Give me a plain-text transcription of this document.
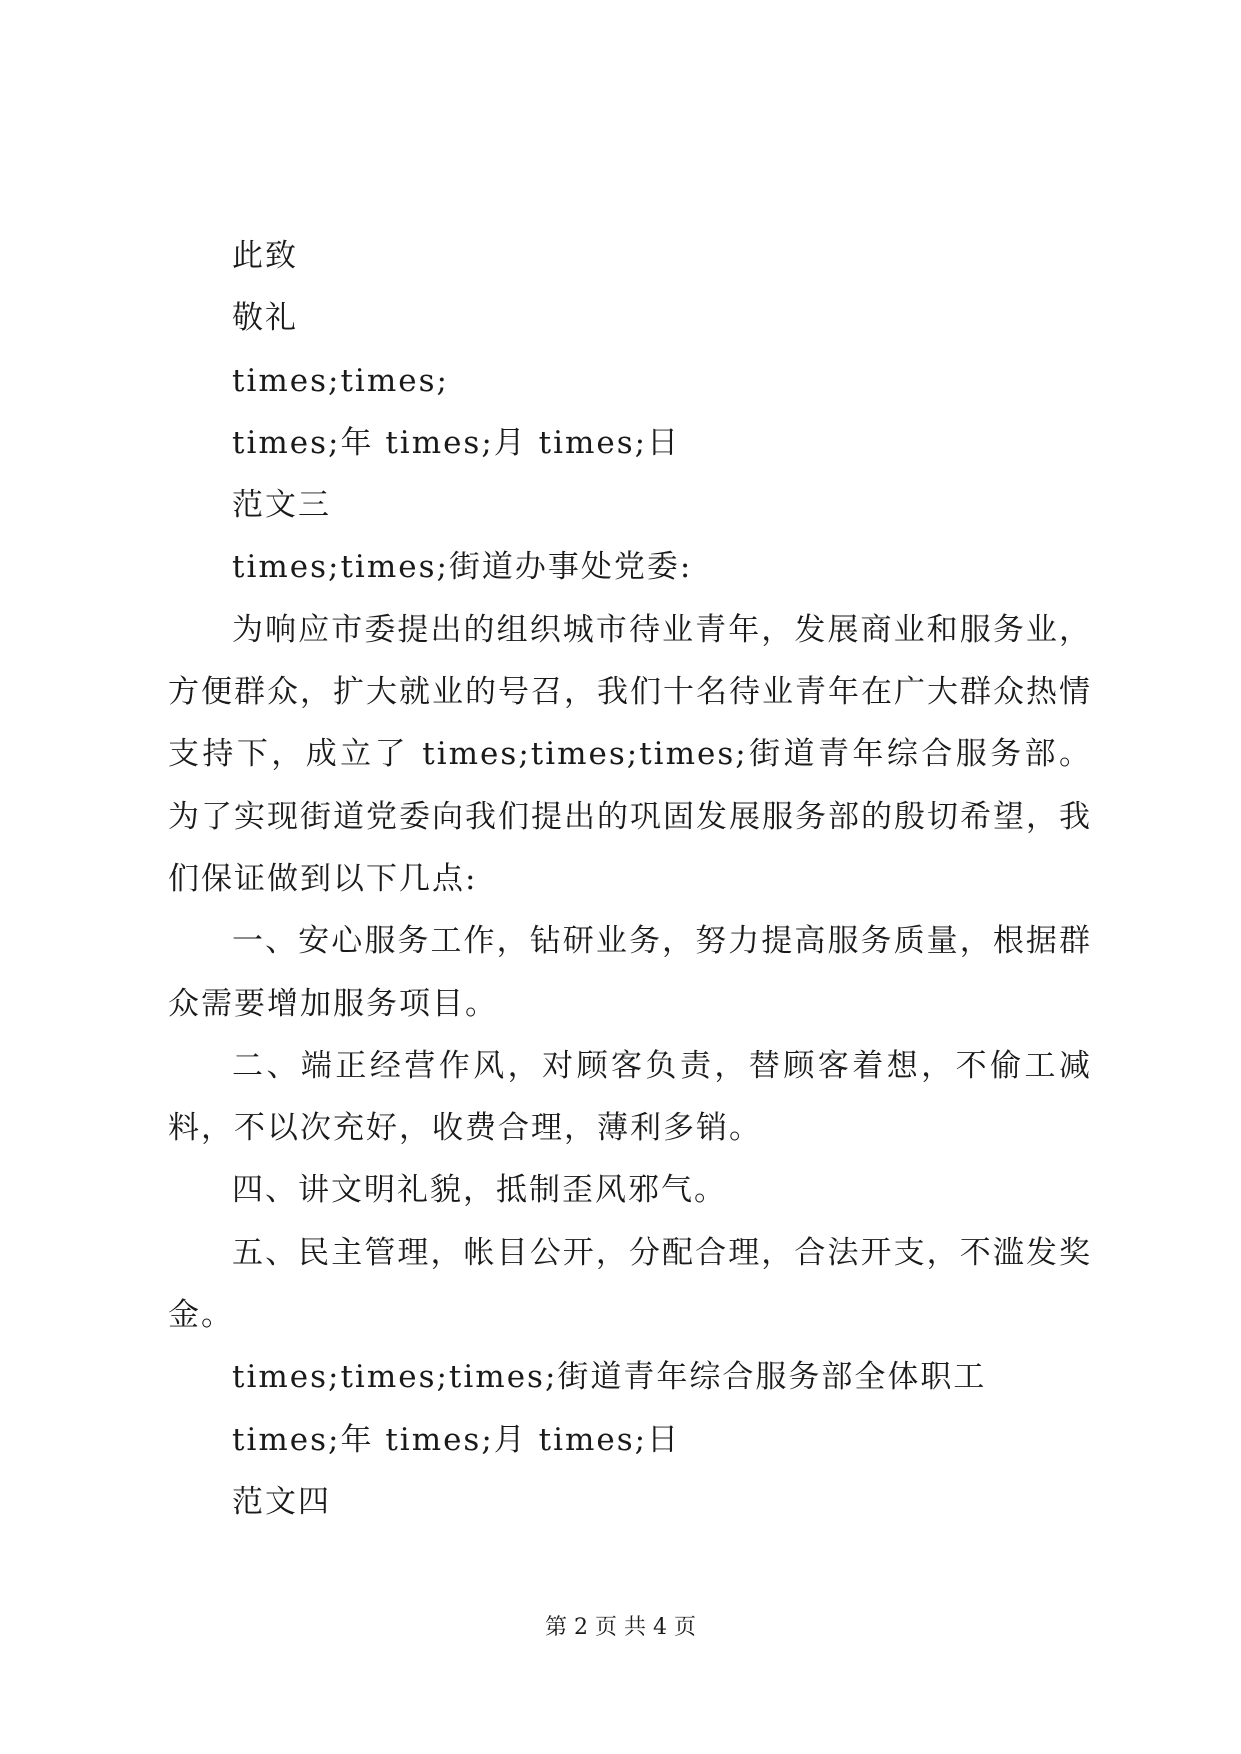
此致

敬礼

times;times;

times;年 times;月 times;日

范文三

times;times;街道办事处党委:

为响应市委提出的组织城市待业青年，发展商业和服务业，方便群众，扩大就业的号召，我们十名待业青年在广大群众热情支持下，成立了 times;times;times;街道青年综合服务部。为了实现街道党委向我们提出的巩固发展服务部的殷切希望，我们保证做到以下几点:

一、安心服务工作，钻研业务，努力提高服务质量，根据群众需要增加服务项目。

二、端正经营作风，对顾客负责，替顾客着想，不偷工减料，不以次充好，收费合理，薄利多销。

四、讲文明礼貌，抵制歪风邪气。

五、民主管理，帐目公开，分配合理，合法开支，不滥发奖金。

times;times;times;街道青年综合服务部全体职工

times;年 times;月 times;日

范文四

第 2 页 共 4 页
